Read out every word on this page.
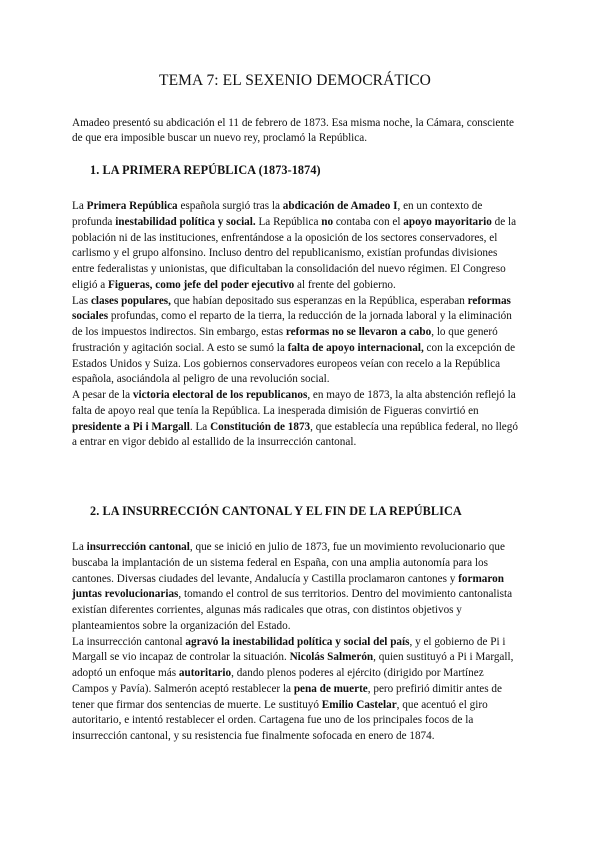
TEMA 7: EL SEXENIO DEMOCRÁTICO

Amadeo presentó su abdicación el 11 de febrero de 1873. Esa misma noche, la Cámara, consciente de que era imposible buscar un nuevo rey, proclamó la República.

1. LA PRIMERA REPÚBLICA (1873-1874)

La Primera República española surgió tras la abdicación de Amadeo I, en un contexto de profunda inestabilidad política y social. La República no contaba con el apoyo mayoritario de la población ni de las instituciones, enfrentándose a la oposición de los sectores conservadores, el carlismo y el grupo alfonsino. Incluso dentro del republicanismo, existían profundas divisiones entre federalistas y unionistas, que dificultaban la consolidación del nuevo régimen. El Congreso eligió a Figueras, como jefe del poder ejecutivo al frente del gobierno.

Las clases populares, que habían depositado sus esperanzas en la República, esperaban reformas sociales profundas, como el reparto de la tierra, la reducción de la jornada laboral y la eliminación de los impuestos indirectos. Sin embargo, estas reformas no se llevaron a cabo, lo que generó frustración y agitación social. A esto se sumó la falta de apoyo internacional, con la excepción de Estados Unidos y Suiza. Los gobiernos conservadores europeos veían con recelo a la República española, asociándola al peligro de una revolución social.

A pesar de la victoria electoral de los republicanos, en mayo de 1873, la alta abstención reflejó la falta de apoyo real que tenía la República. La inesperada dimisión de Figueras convirtió en presidente a Pi i Margall. La Constitución de 1873, que establecía una república federal, no llegó a entrar en vigor debido al estallido de la insurrección cantonal.

2. LA INSURRECCIÓN CANTONAL Y EL FIN DE LA REPÚBLICA

La insurrección cantonal, que se inició en julio de 1873, fue un movimiento revolucionario que buscaba la implantación de un sistema federal en España, con una amplia autonomía para los cantones. Diversas ciudades del levante, Andalucía y Castilla proclamaron cantones y formaron juntas revolucionarias, tomando el control de sus territorios. Dentro del movimiento cantonalista existían diferentes corrientes, algunas más radicales que otras, con distintos objetivos y planteamientos sobre la organización del Estado.

La insurrección cantonal agravó la inestabilidad política y social del país, y el gobierno de Pi i Margall se vio incapaz de controlar la situación. Nicolás Salmerón, quien sustituyó a Pi i Margall, adoptó un enfoque más autoritario, dando plenos poderes al ejército (dirigido por Martínez Campos y Pavía). Salmerón aceptó restablecer la pena de muerte, pero prefirió dimitir antes de tener que firmar dos sentencias de muerte. Le sustituyó Emilio Castelar, que acentuó el giro autoritario, e intentó restablecer el orden. Cartagena fue uno de los principales focos de la insurrección cantonal, y su resistencia fue finalmente sofocada en enero de 1874.
